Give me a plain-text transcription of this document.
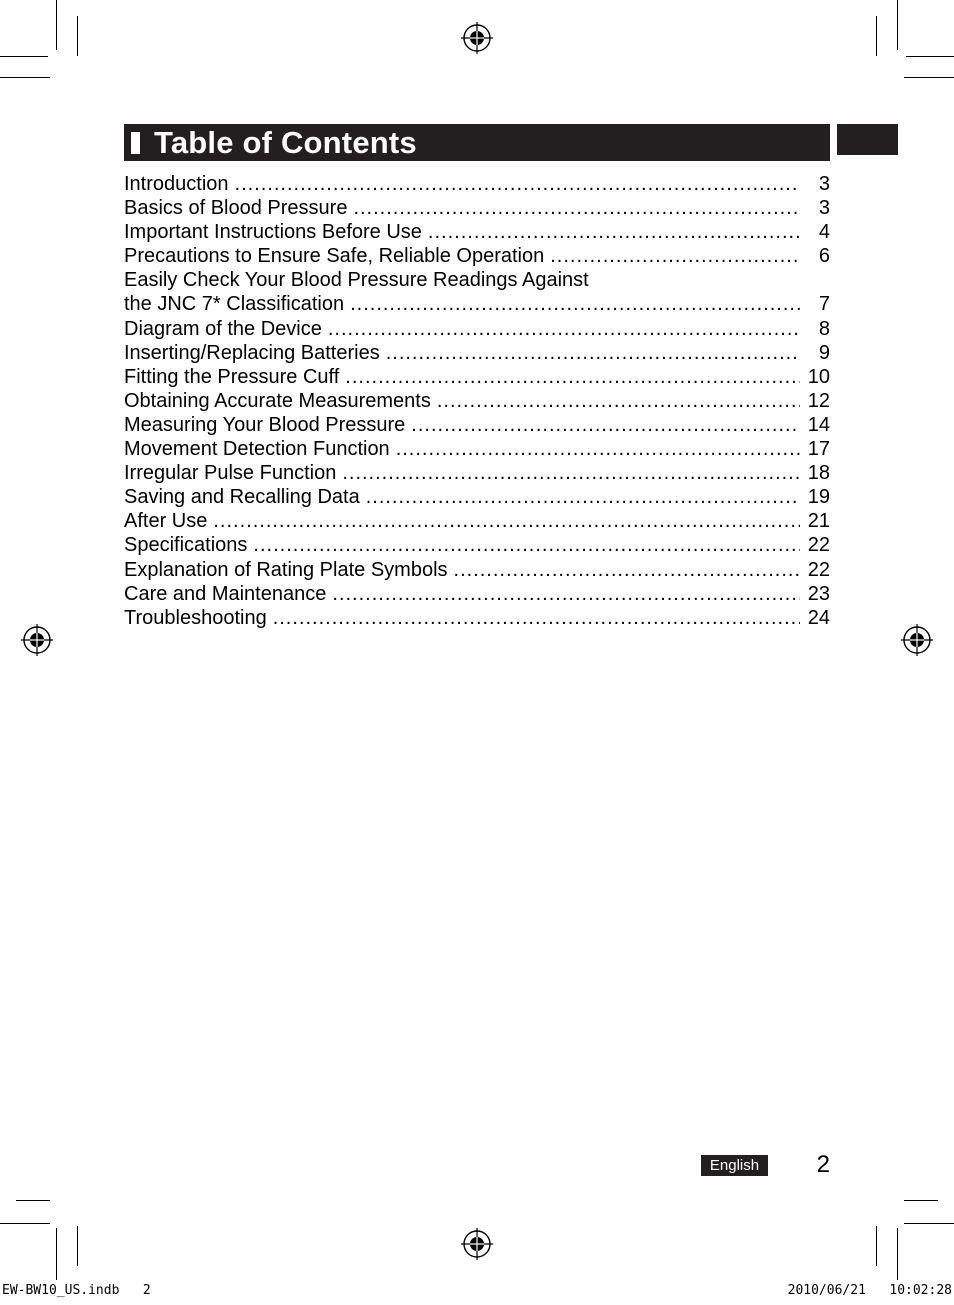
Table of Contents
Introduction .....	3
Basics of Blood Pressure .....	3
Important Instructions Before Use .....	4
Precautions to Ensure Safe, Reliable Operation .....	6
Easily Check Your Blood Pressure Readings Against
the JNC 7* Classification .....	7
Diagram of the Device .....	8
Inserting/Replacing Batteries .....	9
Fitting the Pressure Cuff .....	10
Obtaining Accurate Measurements .....	12
Measuring Your Blood Pressure .....	14
Movement Detection Function .....	17
Irregular Pulse Function .....	18
Saving and Recalling Data .....	19
After Use .....	21
Specifications .....	22
Explanation of Rating Plate Symbols .....	22
Care and Maintenance .....	23
Troubleshooting .....	24
English	2
EW-BW10_US.indb   2	2010/06/21   10:02:28
